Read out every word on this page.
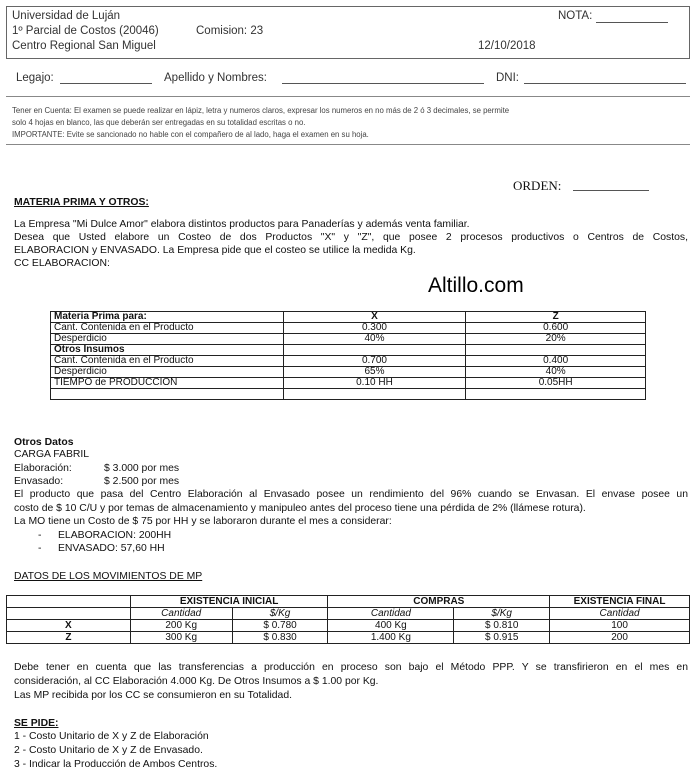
Universidad de Luján
1º Parcial de Costos (20046)	Comision: 23
Centro Regional San Miguel
NOTA:
12/10/2018
Legajo:	Apellido y Nombres:	DNI:
Tener en Cuenta: El examen se puede realizar en lápiz, letra y numeros claros, expresar los numeros en no más de 2 ó 3 decimales, se permite
solo 4 hojas en blanco, las que deberán ser entregadas en su totalidad escritas o no.
IMPORTANTE: Evite se sancionado no hable con el compañero de al lado, haga el examen en su hoja.
ORDEN:
MATERIA PRIMA Y OTROS:
La Empresa "Mi Dulce Amor" elabora distintos productos para Panaderías y además venta familiar.
Desea que Usted elabore un Costeo de dos Productos "X" y "Z", que posee 2 procesos productivos o Centros de Costos,
ELABORACION y ENVASADO. La Empresa pide que el costeo se utilice la medida Kg.
CC ELABORACION:
Altillo.com
Materia Prima para:	X	Z
Cant. Contenida en el Producto	0.300	0.600
Desperdicio	40%	20%
Otros Insumos		
Cant. Contenida en el Producto	0.700	0.400
Desperdicio	65%	40%
TIEMPO de PRODUCCION	0.10 HH	0.05HH

Otros Datos
CARGA FABRIL
Elaboración:	$ 3.000 por mes
Envasado:	$ 2.500 por mes
El producto que pasa del Centro Elaboración al Envasado posee un rendimiento del 96% cuando se Envasan. El envase posee un
costo de $ 10 C/U y por temas de almacenamiento y manipuleo antes del proceso tiene una pérdida de 2% (llámese rotura).
La MO tiene un Costo de $ 75 por HH y se laboraron durante el mes a considerar:
- ELABORACION: 200HH
- ENVASADO: 57,60 HH
DATOS DE LOS MOVIMIENTOS DE MP
	EXISTENCIA INICIAL		COMPRAS		EXISTENCIA FINAL
	Cantidad	$/Kg	Cantidad	$/Kg	Cantidad
X	200 Kg	$ 0.780	400 Kg	$ 0.810	100
Z	300 Kg	$ 0.830	1.400 Kg	$ 0.915	200
Debe tener en cuenta que las transferencias a producción en proceso son bajo el Método PPP. Y se transfirieron en el mes en
consideración, al CC Elaboración 4.000 Kg. De Otros Insumos a $ 1.00 por Kg.
Las MP recibida por los CC se consumieron en su Totalidad.
SE PIDE:
1 - Costo Unitario de X y Z de Elaboración
2 - Costo Unitario de X y Z de Envasado.
3 - Indicar la Producción de Ambos Centros.
